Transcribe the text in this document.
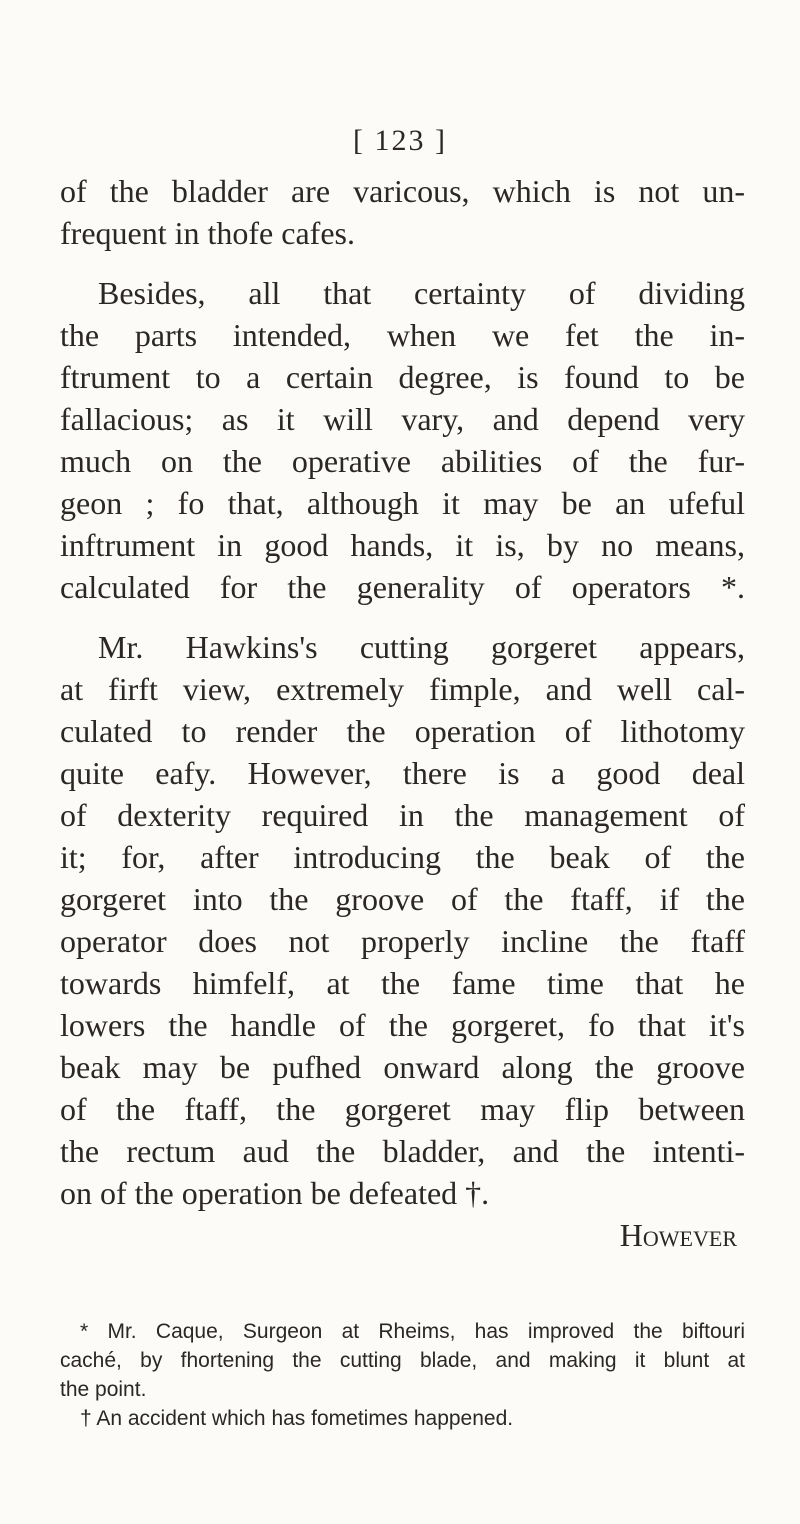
[ 123 ]
of the bladder are varicous, which is not un-
frequent in thofe cafes.
Besides, all that certainty of dividing
the parts intended, when we fet the in-
ftrument to a certain degree, is found to be
fallacious; as it will vary, and depend very
much on the operative abilities of the fur-
geon ; fo that, although it may be an ufeful
inftrument in good hands, it is, by no means,
calculated for the generality of operators *.
Mr. Hawkins's cutting gorgeret appears,
at firft view, extremely fimple, and well cal-
culated to render the operation of lithotomy
quite eafy. However, there is a good deal
of dexterity required in the management of
it; for, after introducing the beak of the
gorgeret into the groove of the ftaff, if the
operator does not properly incline the ftaff
towards himfelf, at the fame time that he
lowers the handle of the gorgeret, fo that it's
beak may be pufhed onward along the groove
of the ftaff, the gorgeret may flip between
the rectum aud the bladder, and the intenti-
on of the operation be defeated †.
However
* Mr. Caque, Surgeon at Rheims, has improved the biftouri
caché, by fhortening the cutting blade, and making it blunt at
the point.
† An accident which has fometimes happened.
